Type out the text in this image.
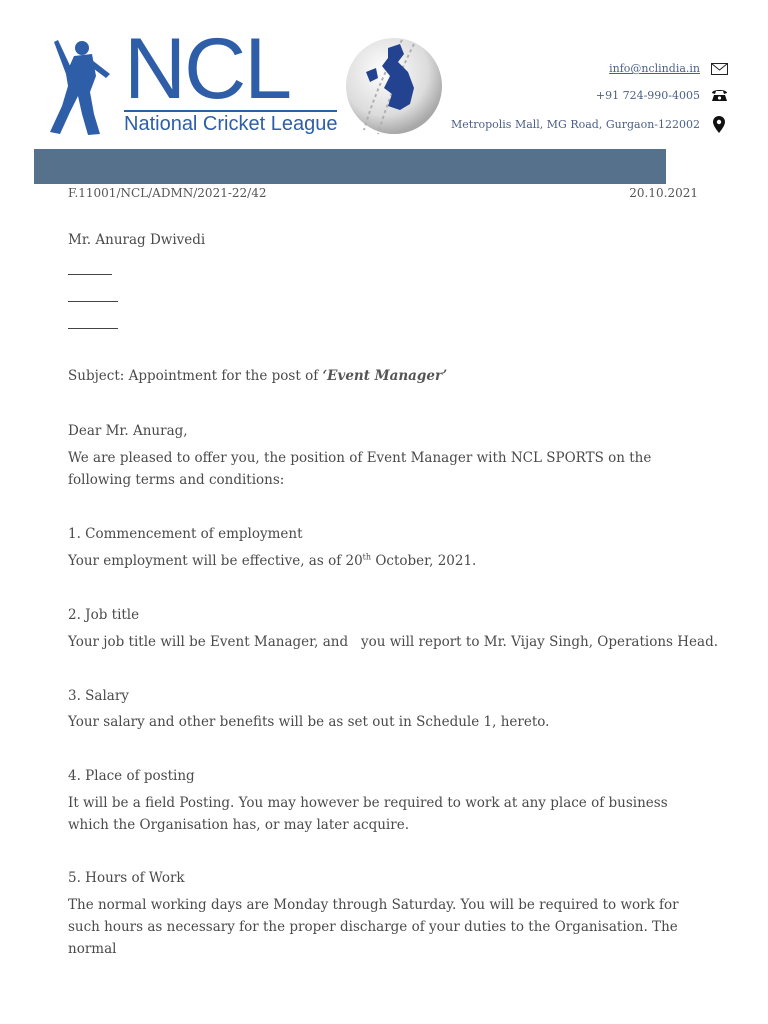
NCL
National Cricket League
info@nclindia.in
+91 724-990-4005
Metropolis Mall, MG Road, Gurgaon-122002
F.11001/NCL/ADMN/2021-22/42	20.10.2021
Mr. Anurag Dwivedi
Subject: Appointment for the post of ‘Event Manager’
Dear Mr. Anurag,
We are pleased to offer you, the position of Event Manager with NCL SPORTS on the following terms and conditions:
1. Commencement of employment
Your employment will be effective, as of 20th October, 2021.
2. Job title
Your job title will be Event Manager, and   you will report to Mr. Vijay Singh, Operations Head.
3. Salary
Your salary and other benefits will be as set out in Schedule 1, hereto.
4. Place of posting
It will be a field Posting. You may however be required to work at any place of business which the Organisation has, or may later acquire.
5. Hours of Work
The normal working days are Monday through Saturday. You will be required to work for such hours as necessary for the proper discharge of your duties to the Organisation. The normal
